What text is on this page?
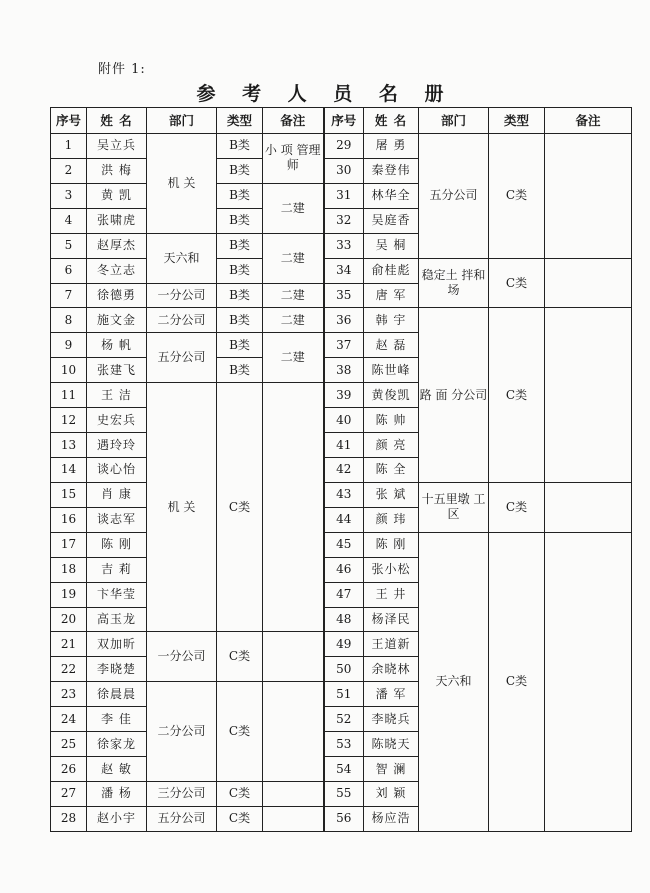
附件 1:
参 考 人 员 名 册
序号	姓 名	部门	类型	备注	序号	姓 名	部门	类型	备注	
1	吴立兵	机 关	B类	小 项 管理师	29	屠 勇	五分公司	C类		
2	洪 梅		B类		30	秦登伟				
3	黄 凯		B类	二建	31	林华全				
4	张啸虎		B类		32	吴庭香				
5	赵厚杰	天六和	B类	二建	33	吴 桐				
6	冬立志		B类		34	俞桂彪	稳定土 拌和场	C类		
7	徐德勇	一分公司	B类	二建	35	唐 军				
8	施文金	二分公司	B类	二建	36	韩 宇	路 面 分公司	C类		
9	杨 帆	五分公司	B类	二建	37	赵 磊				
10	张建飞		B类		38	陈世峰				
11	王 洁	机 关	C类		39	黄俊凯				
12	史宏兵				40	陈 帅				
13	遇玲玲				41	颜 亮				
14	谈心怡				42	陈 全				
15	肖 康				43	张 斌	十五里墩 工 区	C类		
16	谈志军				44	颜 玮				
17	陈 刚				45	陈 刚	天六和	C类		
18	吉 莉				46	张小松				
19	卞华莹				47	王 井				
20	高玉龙				48	杨泽民				
21	双加昕	一分公司	C类		49	王道新				
22	李晓楚				50	余晓林				
23	徐晨晨	二分公司	C类		51	潘 军				
24	李 佳				52	李晓兵				
25	徐家龙				53	陈晓天				
26	赵 敏				54	智 澜				
27	潘 杨	三分公司	C类		55	刘 颖				
28	赵小宇	五分公司	C类		56	杨应浩				
